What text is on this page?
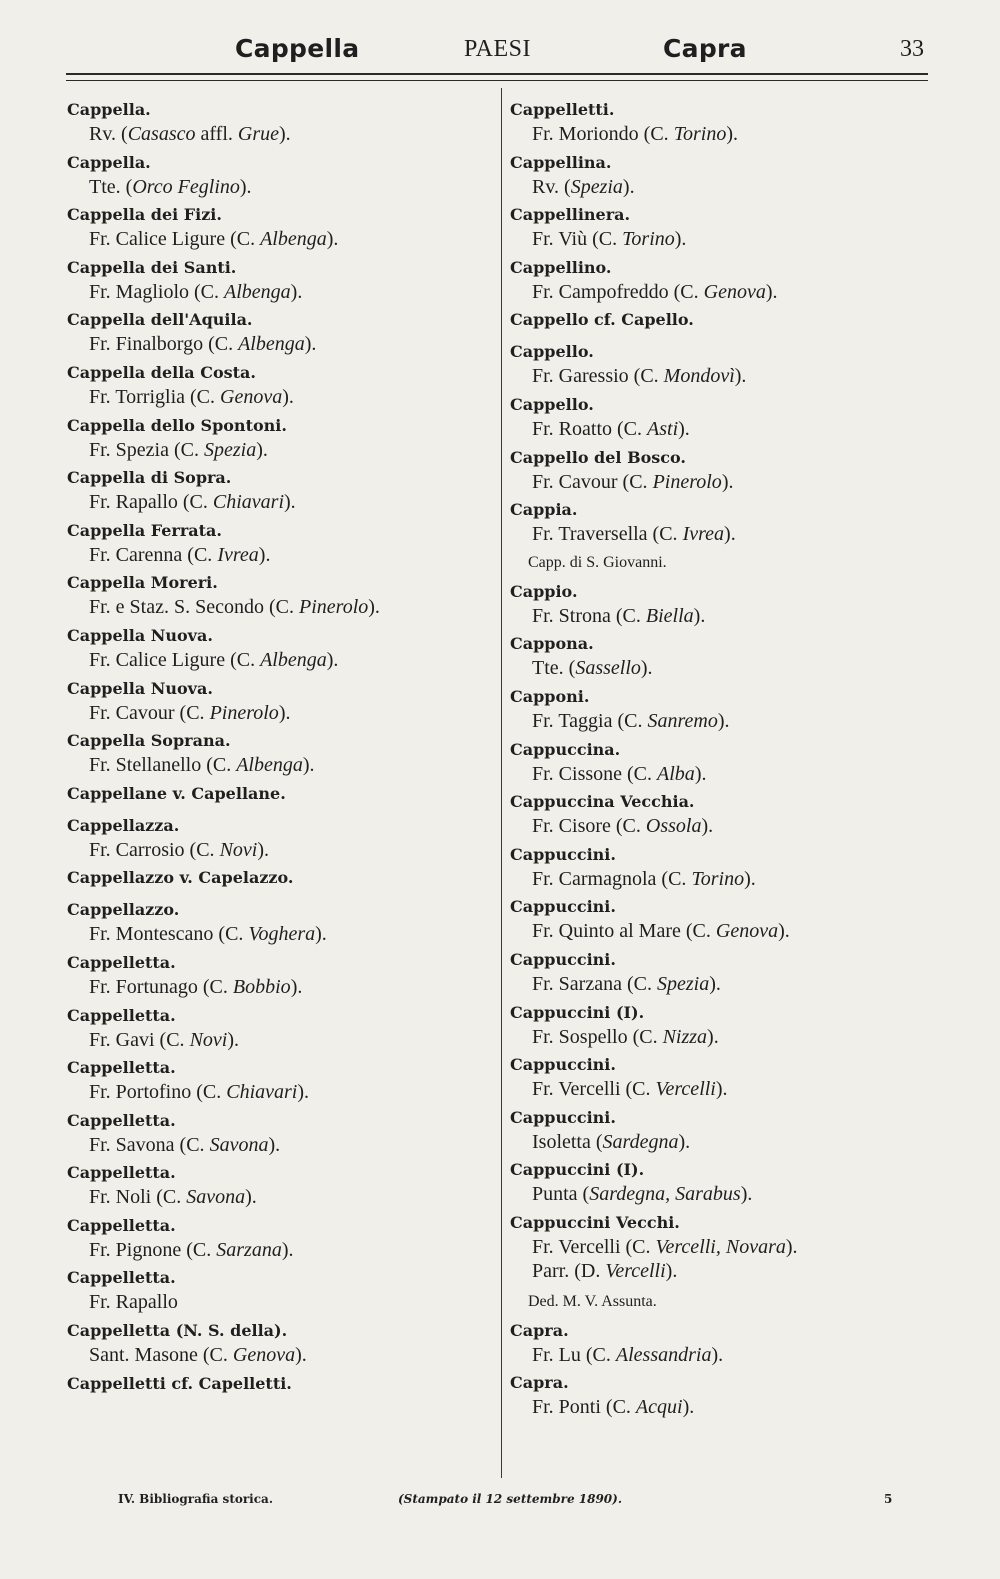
Cappella	PAESI	Capra	33
Cappella.
Rv. (Casasco affl. Grue).
Cappella.
Tte. (Orco Feglino).
Cappella dei Fizi.
Fr. Calice Ligure (C. Albenga).
Cappella dei Santi.
Fr. Magliolo (C. Albenga).
Cappella dell'Aquila.
Fr. Finalborgo (C. Albenga).
Cappella della Costa.
Fr. Torriglia (C. Genova).
Cappella dello Spontoni.
Fr. Spezia (C. Spezia).
Cappella di Sopra.
Fr. Rapallo (C. Chiavari).
Cappella Ferrata.
Fr. Carenna (C. Ivrea).
Cappella Moreri.
Fr. e Staz. S. Secondo (C. Pinerolo).
Cappella Nuova.
Fr. Calice Ligure (C. Albenga).
Cappella Nuova.
Fr. Cavour (C. Pinerolo).
Cappella Soprana.
Fr. Stellanello (C. Albenga).
Cappellane v. Capellane.
Cappellazza.
Fr. Carrosio (C. Novi).
Cappellazzo v. Capelazzo.
Cappellazzo.
Fr. Montescano (C. Voghera).
Cappelletta.
Fr. Fortunago (C. Bobbio).
Cappelletta.
Fr. Gavi (C. Novi).
Cappelletta.
Fr. Portofino (C. Chiavari).
Cappelletta.
Fr. Savona (C. Savona).
Cappelletta.
Fr. Noli (C. Savona).
Cappelletta.
Fr. Pignone (C. Sarzana).
Cappelletta.
Fr. Rapallo
Cappelletta (N. S. della).
Sant. Masone (C. Genova).
Cappelletti cf. Capelletti.
Cappelletti.
Fr. Moriondo (C. Torino).
Cappellina.
Rv. (Spezia).
Cappellinera.
Fr. Viù (C. Torino).
Cappellino.
Fr. Campofreddo (C. Genova).
Cappello cf. Capello.
Cappello.
Fr. Garessio (C. Mondovì).
Cappello.
Fr. Roatto (C. Asti).
Cappello del Bosco.
Fr. Cavour (C. Pinerolo).
Cappia.
Fr. Traversella (C. Ivrea).
Capp. di S. Giovanni.
Cappio.
Fr. Strona (C. Biella).
Cappona.
Tte. (Sassello).
Capponi.
Fr. Taggia (C. Sanremo).
Cappuccina.
Fr. Cissone (C. Alba).
Cappuccina Vecchia.
Fr. Cisore (C. Ossola).
Cappuccini.
Fr. Carmagnola (C. Torino).
Cappuccini.
Fr. Quinto al Mare (C. Genova).
Cappuccini.
Fr. Sarzana (C. Spezia).
Cappuccini (I).
Fr. Sospello (C. Nizza).
Cappuccini.
Fr. Vercelli (C. Vercelli).
Cappuccini.
Isoletta (Sardegna).
Cappuccini (I).
Punta (Sardegna, Sarabus).
Cappuccini Vecchi.
Fr. Vercelli (C. Vercelli, Novara).
Parr. (D. Vercelli).
Ded. M. V. Assunta.
Capra.
Fr. Lu (C. Alessandria).
Capra.
Fr. Ponti (C. Acqui).
IV. Bibliografia storica.	(Stampato il 12 settembre 1890).	5
